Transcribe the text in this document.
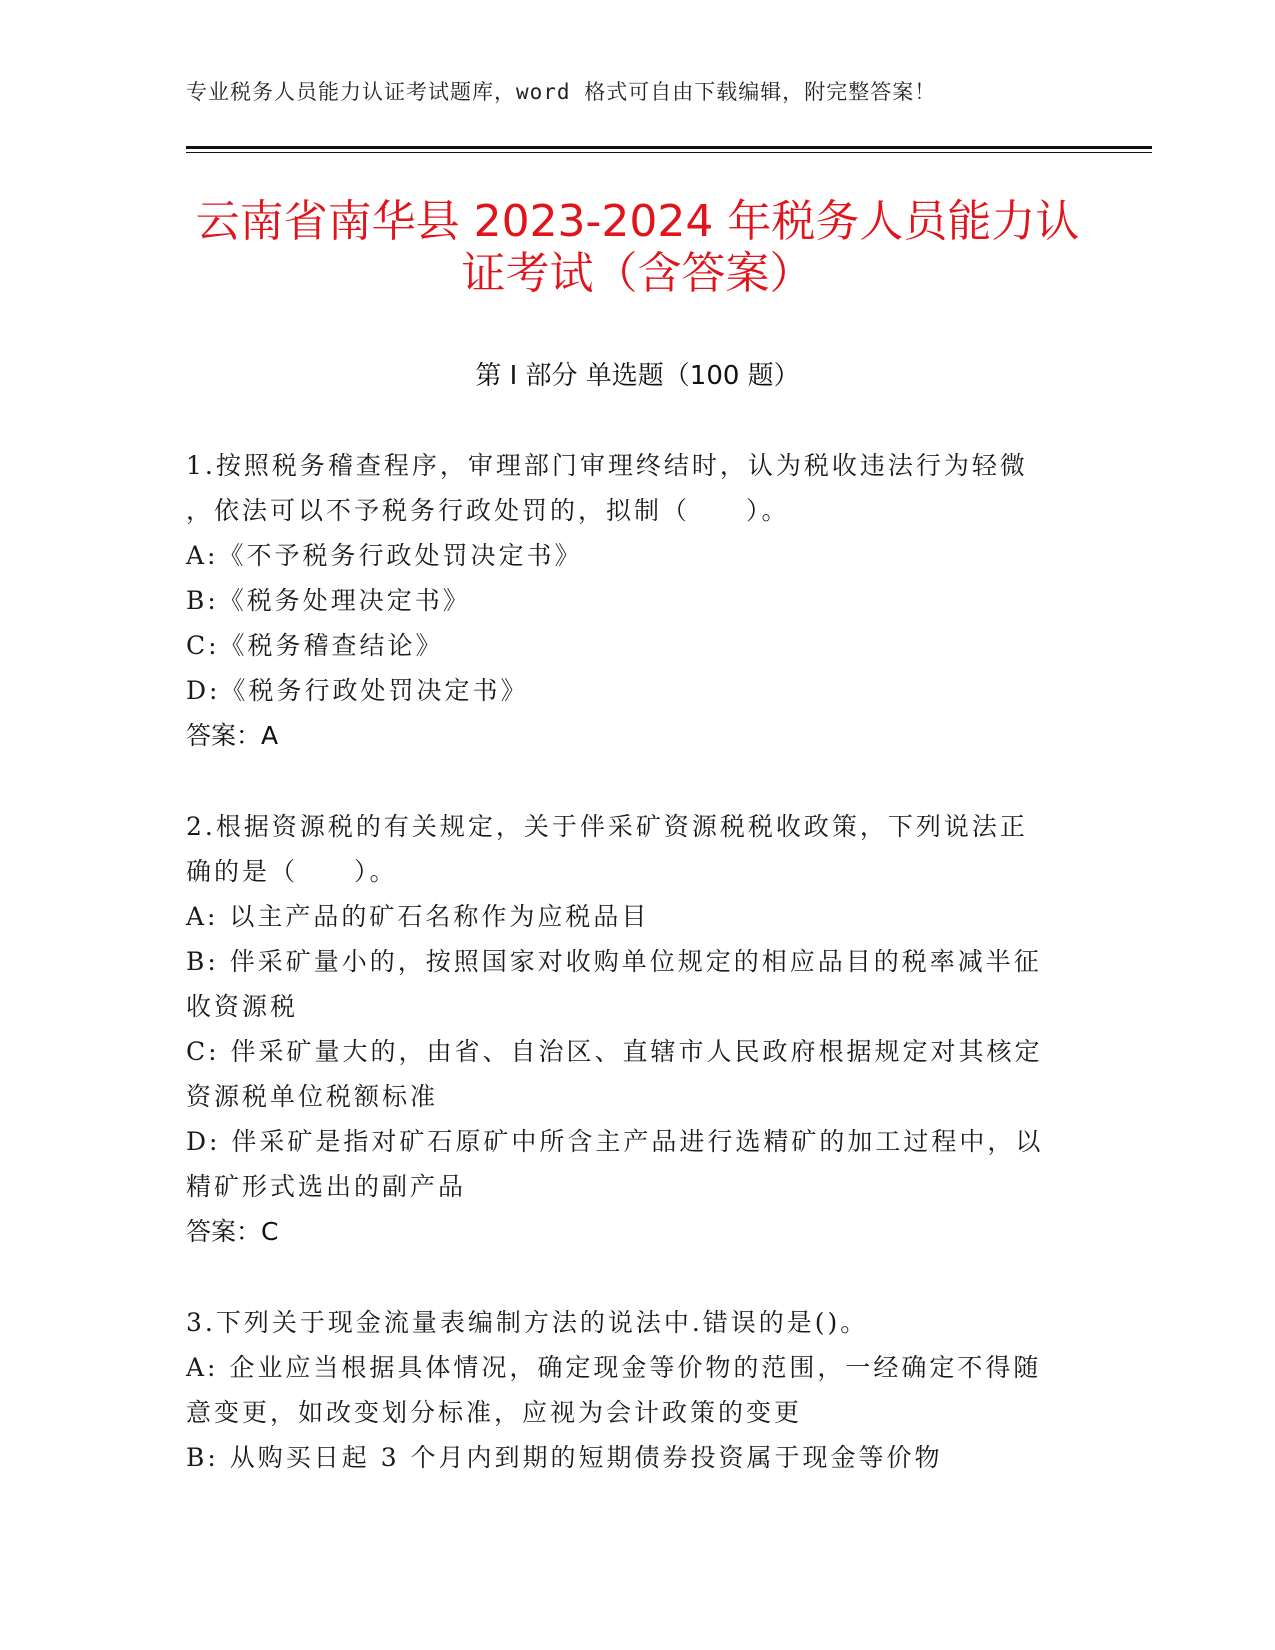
专业税务人员能力认证考试题库，word 格式可自由下载编辑，附完整答案！
云南省南华县 2023-2024 年税务人员能力认
证考试（含答案）
第 I 部分 单选题（100 题）
1.按照税务稽查程序，审理部门审理终结时，认为税收违法行为轻微
，依法可以不予税务行政处罚的，拟制（　　）。
A:《不予税务行政处罚决定书》
B:《税务处理决定书》
C:《税务稽查结论》
D:《税务行政处罚决定书》
答案：A
2.根据资源税的有关规定，关于伴采矿资源税税收政策，下列说法正
确的是（　　）。
A: 以主产品的矿石名称作为应税品目
B: 伴采矿量小的，按照国家对收购单位规定的相应品目的税率减半征
收资源税
C: 伴采矿量大的，由省、自治区、直辖市人民政府根据规定对其核定
资源税单位税额标准
D: 伴采矿是指对矿石原矿中所含主产品进行选精矿的加工过程中，以
精矿形式选出的副产品
答案：C
3.下列关于现金流量表编制方法的说法中.错误的是()。
A: 企业应当根据具体情况，确定现金等价物的范围，一经确定不得随
意变更，如改变划分标准，应视为会计政策的变更
B: 从购买日起 3 个月内到期的短期债券投资属于现金等价物
